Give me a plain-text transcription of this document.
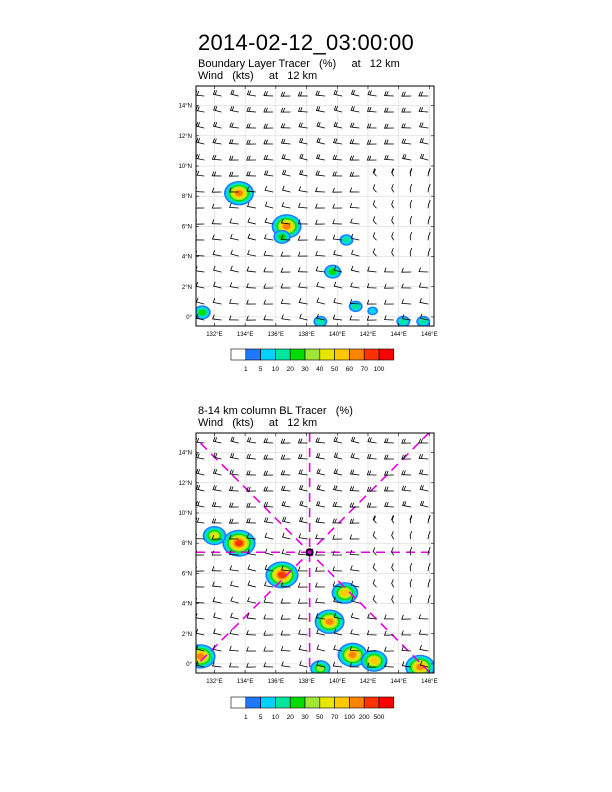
2014-02-12_03:00:00
Boundary Layer Tracer   (%)     at   12 km
Wind   (kts)     at   12 km
8-14 km column BL Tracer   (%)
Wind   (kts)     at   12 km
132°E 134°E 136°E 138°E 140°E 142°E 144°E 146°E
0°
2°N
4°N
6°N
8°N
10°N
12°N
14°N
1 5 10 20 30 40 50 60 70 100
132°E 134°E 136°E 138°E 140°E 142°E 144°E 146°E
0°
2°N
4°N
6°N
8°N
10°N
12°N
14°N
1 5 10 20 30 50 70 100 200 500
